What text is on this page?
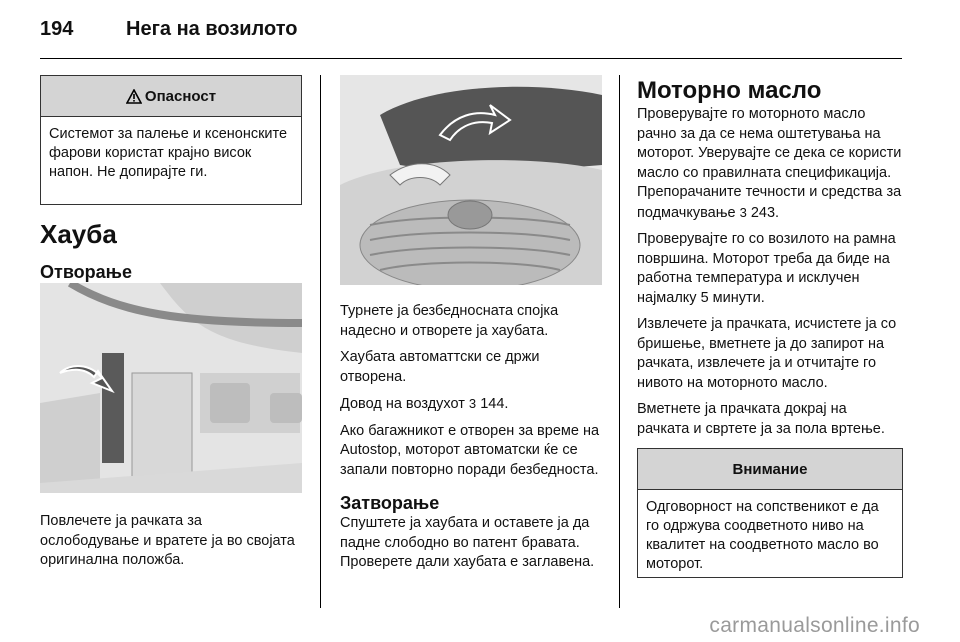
194	Нега на возилото
Опасност
Системот за палење и ксенонските фарови користат крајно висок напон. Не допирајте ги.
Хауба
Отворање

Повлечете ја рачката за ослободување и вратете ја во својата оригинална положба.

Турнете ја безбедносната спојка надесно и отворете ја хаубата.

Хаубата автоматтски се држи отворена.

Довод на воздухот 3 144.

Ако багажникот е отворен за време на Autostop, моторот автоматски ќе се запали повторно поради безбедноста.

Затворање

Спуштете ја хаубата и оставете ја да падне слободно во патент бравата. Проверете дали хаубата е заглавена.

Моторно масло

Проверувајте го моторното масло рачно за да се нема оштетувања на моторот. Уверувајте се дека се користи масло со правилната спецификација. Препорачаните течности и средства за подмачкување 3 243.

Проверувајте го со возилото на рамна површина. Моторот треба да биде на работна температура и исклучен најмалку 5 минути.

Извлечете ја прачката, исчистете ја со бришење, вметнете ја до запирот на рачката, извлечете ја и отчитајте го нивото на моторното масло.

Вметнете ја прачката докрај на рачката и свртете ја за пола вртење.

Внимание
Одговорност на сопственикот е да го одржува соодветното ниво на квалитет на соодветното масло во моторот.
carmanualsonline.info
